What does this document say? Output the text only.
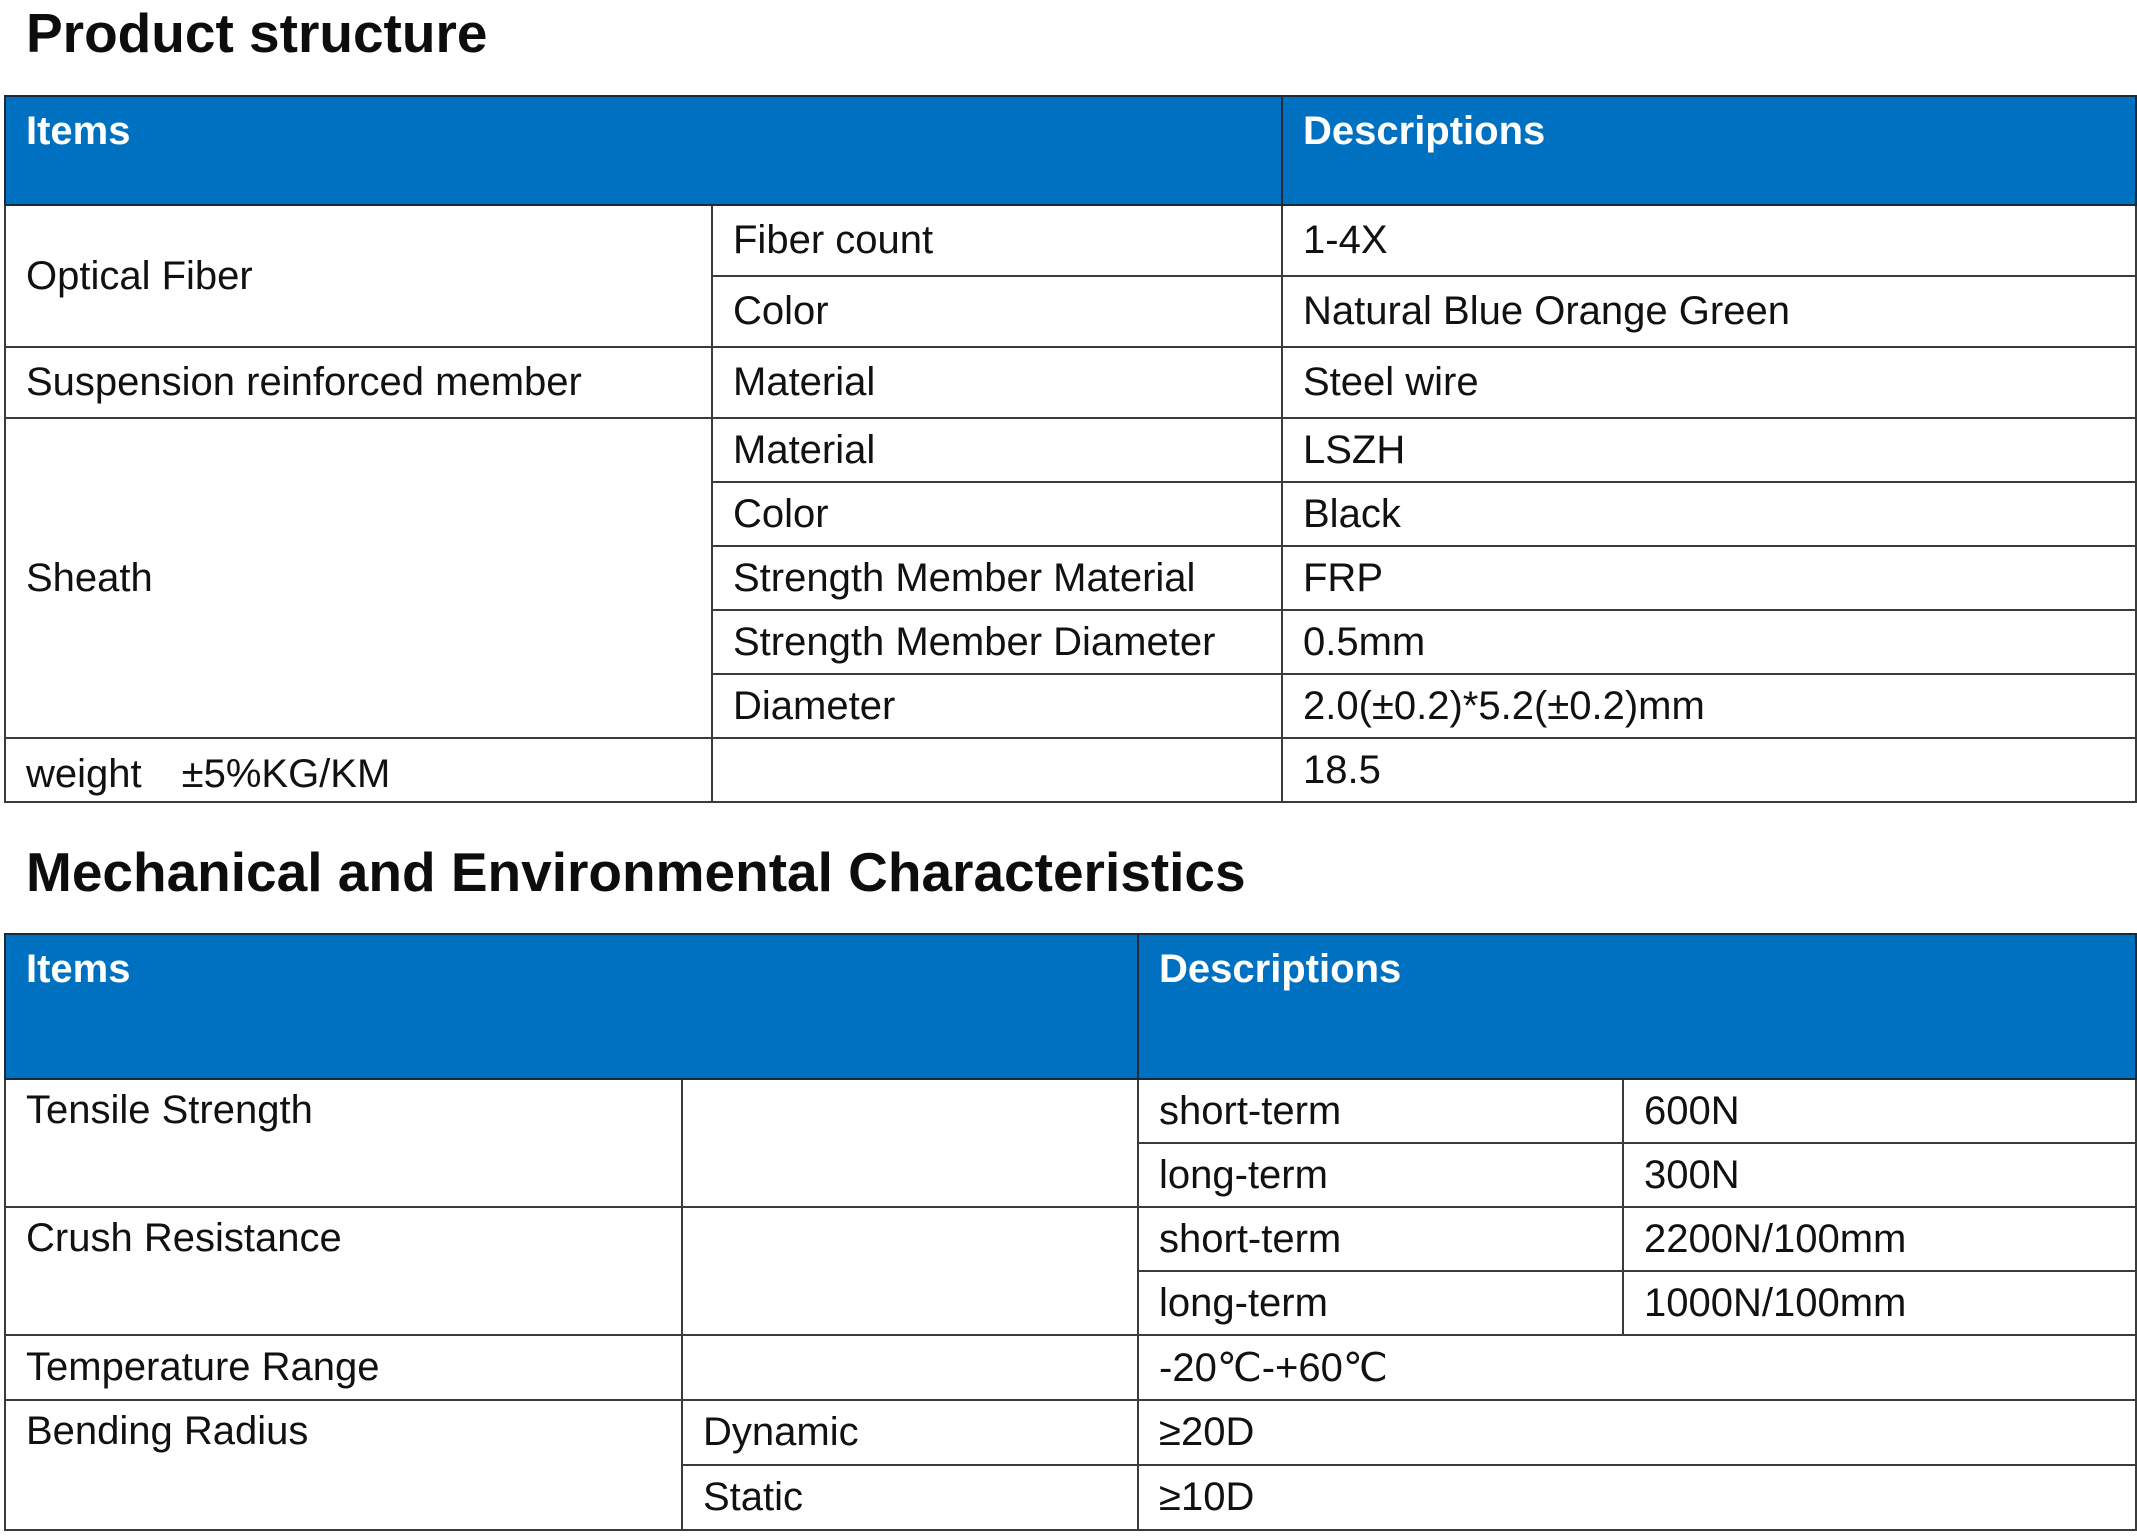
Product structure
Items		Descriptions
Optical Fiber	Fiber count	1-4X
	Color	Natural Blue Orange Green
Suspension reinforced member	Material	Steel wire
Sheath	Material	LSZH
	Color	Black
	Strength Member Material	FRP
	Strength Member Diameter	0.5mm
	Diameter	2.0(±0.2)*5.2(±0.2)mm
weight　±5%KG/KM		18.5
Mechanical and Environmental Characteristics
Items		Descriptions	
Tensile Strength		short-term	600N
		long-term	300N
Crush Resistance		short-term	2200N/100mm
		long-term	1000N/100mm
Temperature Range		-20℃-+60℃	
Bending Radius	Dynamic	≥20D	
	Static	≥10D	
